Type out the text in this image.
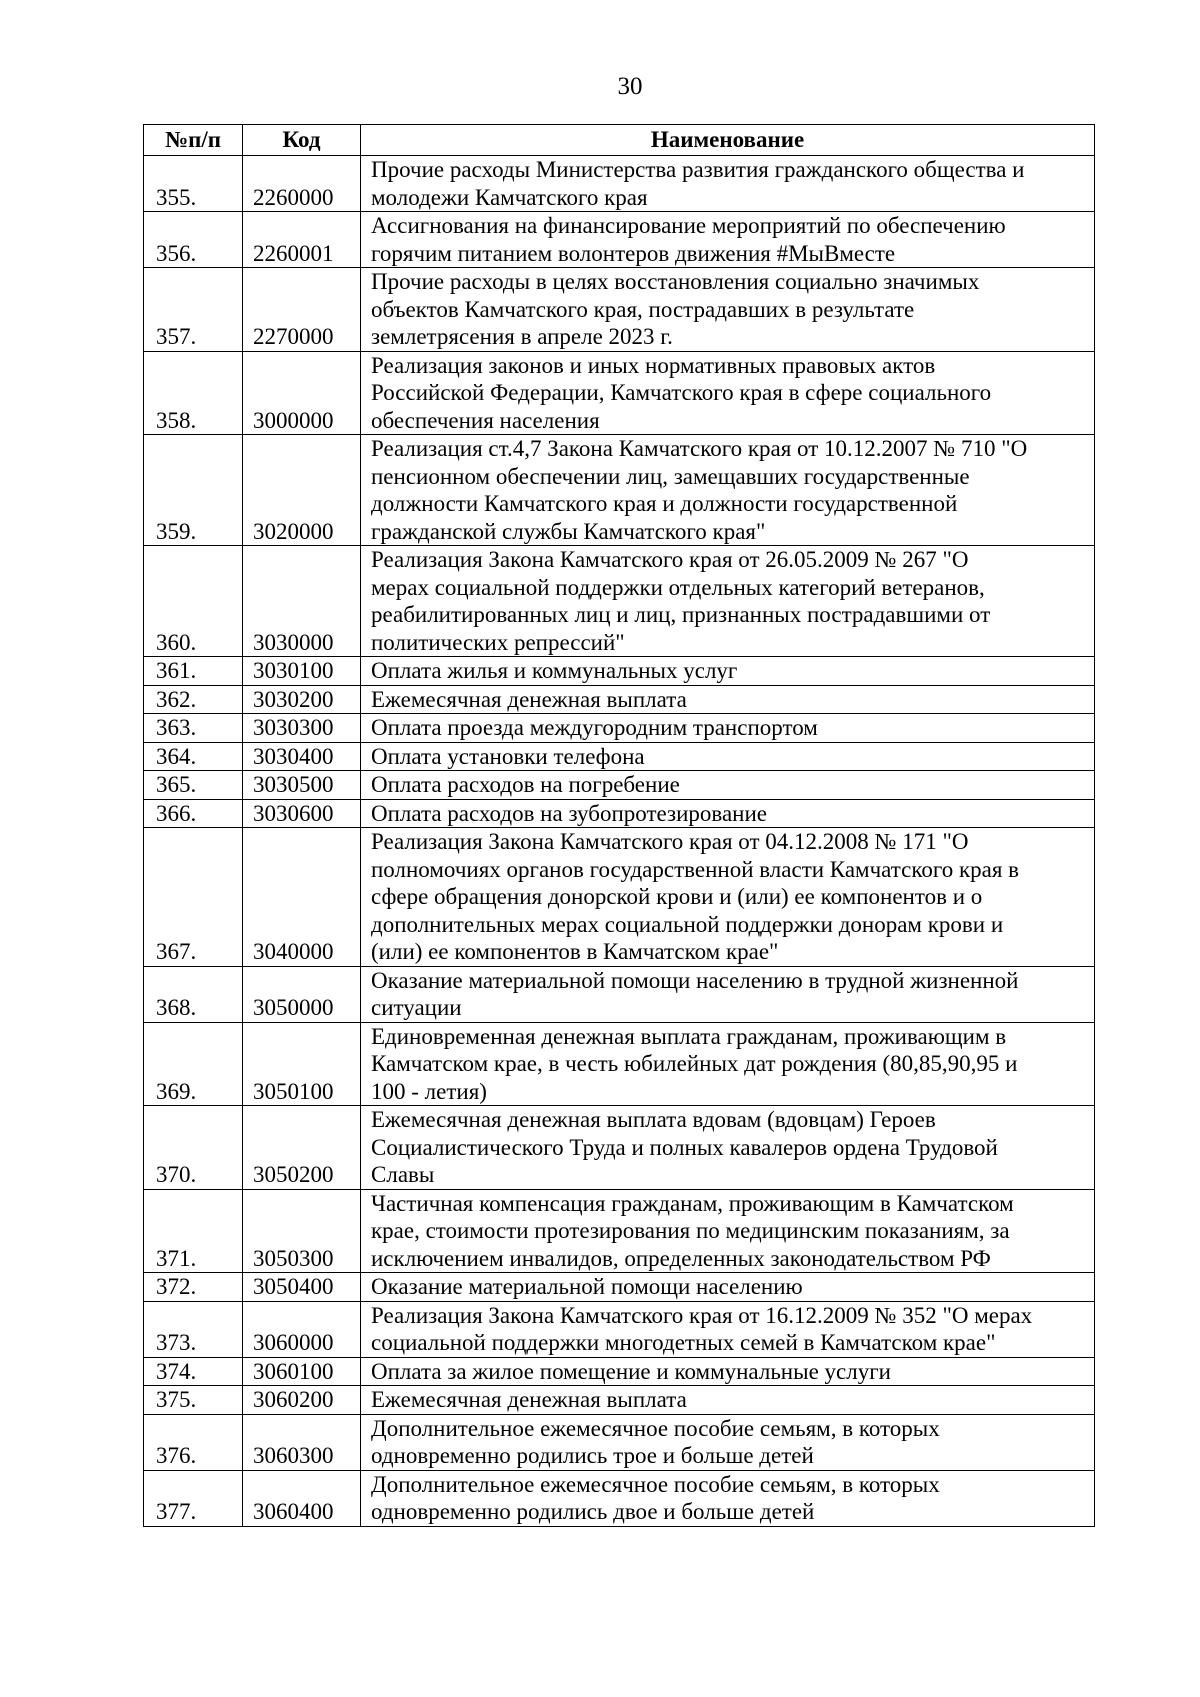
30
№п/п	Код	Наименование
355.	2260000	Прочие расходы Министерства развития гражданского общества и
молодежи Камчатского края

356.	2260001	Ассигнования на финансирование мероприятий по обеспечению
горячим питанием волонтеров движения #МыВместе

357.	2270000	Прочие расходы в целях восстановления социально значимых
объектов Камчатского края, пострадавших в результате
землетрясения в апреле 2023 г.

358.	3000000	Реализация законов и иных нормативных правовых актов
Российской Федерации, Камчатского края в сфере социального
обеспечения населения

359.	3020000	Реализация ст.4,7 Закона Камчатского края от 10.12.2007 № 710 "О
пенсионном обеспечении лиц, замещавших государственные
должности Камчатского края и должности государственной
гражданской службы Камчатского края"

360.	3030000	Реализация Закона Камчатского края от 26.05.2009 № 267 "О
мерах социальной поддержки отдельных категорий ветеранов,
реабилитированных лиц и лиц, признанных пострадавшими от
политических репрессий"

361.	3030100	Оплата жилья и коммунальных услуг

362.	3030200	Ежемесячная денежная выплата

363.	3030300	Оплата проезда междугородним транспортом

364.	3030400	Оплата установки телефона

365.	3030500	Оплата расходов на погребение

366.	3030600	Оплата расходов на зубопротезирование

367.	3040000	Реализация Закона Камчатского края от 04.12.2008 № 171 "О
полномочиях органов государственной власти Камчатского края в
сфере обращения донорской крови и (или) ее компонентов и о
дополнительных мерах социальной поддержки донорам крови и
(или) ее компонентов в Камчатском крае"

368.	3050000	Оказание материальной помощи населению в трудной жизненной
ситуации

369.	3050100	Единовременная денежная выплата гражданам, проживающим в
Камчатском крае, в честь юбилейных дат рождения (80,85,90,95 и
100 - летия)

370.	3050200	Ежемесячная денежная выплата вдовам (вдовцам) Героев
Социалистического Труда и полных кавалеров ордена Трудовой
Славы

371.	3050300	Частичная компенсация гражданам, проживающим в Камчатском
крае, стоимости протезирования по медицинским показаниям, за
исключением инвалидов, определенных законодательством РФ

372.	3050400	Оказание материальной помощи населению

373.	3060000	Реализация Закона Камчатского края от 16.12.2009 № 352 "О мерах
социальной поддержки многодетных семей в Камчатском крае"

374.	3060100	Оплата за жилое помещение и коммунальные услуги

375.	3060200	Ежемесячная денежная выплата

376.	3060300	Дополнительное ежемесячное пособие семьям, в которых
одновременно родились трое и больше детей

377.	3060400	Дополнительное ежемесячное пособие семьям, в которых
одновременно родились двое и больше детей
